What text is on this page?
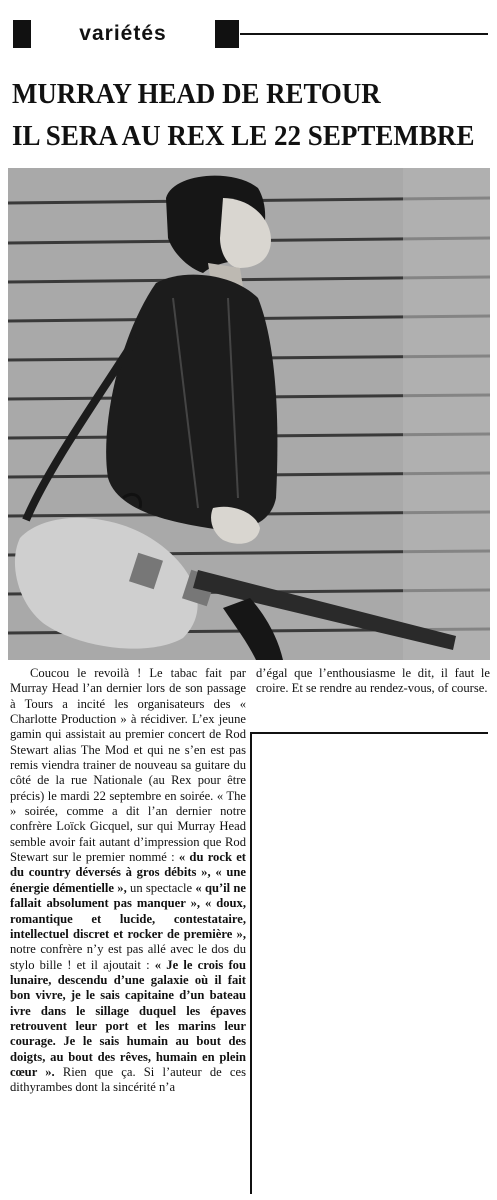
variétés
MURRAY HEAD DE RETOUR
IL SERA AU REX LE 22 SEPTEMBRE

Coucou le revoilà ! Le tabac fait par Murray Head l’an dernier lors de son passage à Tours a incité les organisateurs des « Charlotte Production » à récidiver. L’ex jeune gamin qui assistait au premier concert de Rod Stewart alias The Mod et qui ne s’en est pas remis viendra trainer de nouveau sa guitare du côté de la rue Nationale (au Rex pour être précis) le mardi 22 septembre en soirée. « The » soirée, comme a dit l’an dernier notre confrère Loïck Gicquel, sur qui Murray Head semble avoir fait autant d’impression que Rod Stewart sur le premier nommé : « du rock et du country déversés à gros débits », « une énergie démentielle », un spectacle « qu’il ne fallait absolument pas manquer », « doux, romantique et lucide, contestataire, intellectuel discret et rocker de première », notre confrère n’y est pas allé avec le dos du stylo bille ! et il ajoutait : « Je le crois fou lunaire, descendu d’une galaxie où il fait bon vivre, je le sais capitaine d’un bateau ivre dans le sillage duquel les épaves retrouvent leur port et les marins leur courage. Je le sais humain au bout des doigts, au bout des rêves, humain en plein cœur ». Rien que ça. Si l’auteur de ces dithyrambes dont la sincérité n’a

d’égal que l’enthousiasme le dit, il faut le croire. Et se rendre au rendez-vous, of course.
